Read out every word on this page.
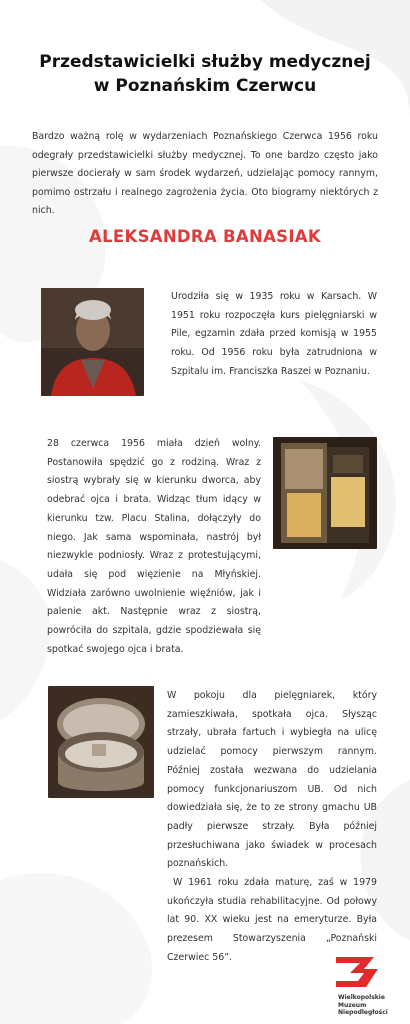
Przedstawicielki służby medycznej
w Poznańskim Czerwcu
Bardzo ważną rolę w wydarzeniach Poznańskiego Czerwca 1956 roku odegrały przedstawicielki służby medycznej. To one bardzo często jako pierwsze docierały w sam środek wydarzeń, udzielając pomocy rannym, pomimo ostrzału i realnego zagrożenia życia. Oto biogramy niektórych z nich.
ALEKSANDRA BANASIAK
Urodziła się w 1935 roku w Karsach. W 1951 roku rozpoczęła kurs pielęgniarski w Pile, egzamin zdała przed komisją w 1955 roku. Od 1956 roku była zatrudniona w Szpitalu im. Franciszka Raszei w Poznaniu.
28 czerwca 1956 miała dzień wolny. Postanowiła spędzić go z rodziną. Wraz z siostrą wybrały się w kierunku dworca, aby odebrać ojca i brata. Widząc tłum idący w kierunku tzw. Placu Stalina, dołączyły do niego. Jak sama wspominała, nastrój był niezwykle podniosły. Wraz z protestującymi, udała się pod więzienie na Młyńskiej. Widziała zarówno uwolnienie więźniów, jak i palenie akt. Następnie wraz z siostrą, powróciła do szpitala, gdzie spodziewała się spotkać swojego ojca i brata.
W pokoju dla pielęgniarek, który zamieszkiwała, spotkała ojca. Słysząc strzały, ubrała fartuch i wybiegła na ulicę udzielać pomocy pierwszym rannym. Później została wezwana do udzielania pomocy funkcjonariuszom UB. Od nich dowiedziała się, że to ze strony gmachu UB padły pierwsze strzały. Była później przesłuchiwana jako świadek w procesach poznańskich.
W 1961 roku zdała maturę, zaś w 1979 ukończyła studia rehabilitacyjne. Od połowy lat 90. XX wieku jest na emeryturze. Była prezesem Stowarzyszenia „Poznański Czerwiec 56”.
Wielkopolskie
Muzeum
Niepodległości
